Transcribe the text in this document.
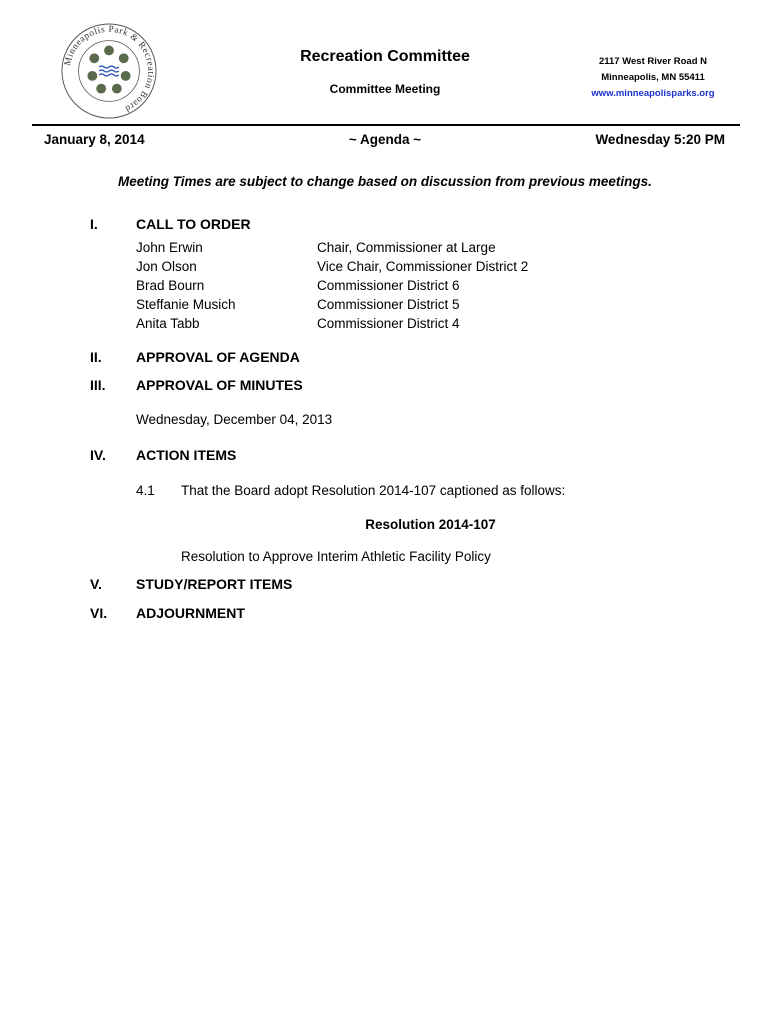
Minneapolis Park & Recreation Board
Recreation Committee
Committee Meeting
2117 West River Road N
Minneapolis, MN 55411
www.minneapolisparks.org
January 8, 2014	~ Agenda ~	Wednesday 5:20 PM
Meeting Times are subject to change based on discussion from previous meetings.
I.	CALL TO ORDER
John Erwin	Chair, Commissioner at Large
Jon Olson	Vice Chair, Commissioner District 2
Brad Bourn	Commissioner District 6
Steffanie Musich	Commissioner District 5
Anita Tabb	Commissioner District 4
II. APPROVAL OF AGENDA
III. APPROVAL OF MINUTES
Wednesday, December 04, 2013
IV. ACTION ITEMS
4.1 That the Board adopt Resolution 2014-107 captioned as follows:
Resolution 2014-107
Resolution to Approve Interim Athletic Facility Policy
V. STUDY/REPORT ITEMS
VI. ADJOURNMENT
